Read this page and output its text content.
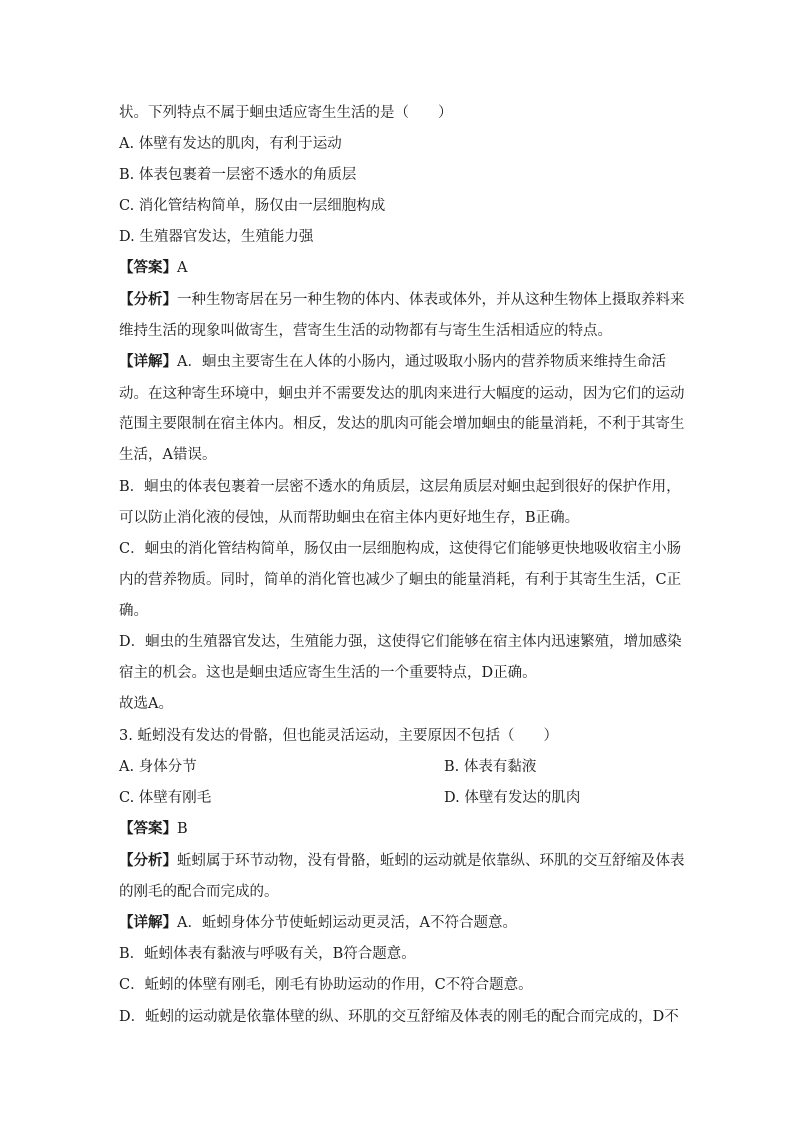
状。下列特点不属于蛔虫适应寄生生活的是（　　）
A. 体壁有发达的肌肉，有利于运动
B. 体表包裹着一层密不透水的角质层
C. 消化管结构简单，肠仅由一层细胞构成
D. 生殖器官发达，生殖能力强
【答案】A
【分析】一种生物寄居在另一种生物的体内、体表或体外，并从这种生物体上摄取养料来
维持生活的现象叫做寄生，营寄生生活的动物都有与寄生生活相适应的特点。
【详解】A．蛔虫主要寄生在人体的小肠内，通过吸取小肠内的营养物质来维持生命活
动。在这种寄生环境中，蛔虫并不需要发达的肌肉来进行大幅度的运动，因为它们的运动
范围主要限制在宿主体内。相反，发达的肌肉可能会增加蛔虫的能量消耗，不利于其寄生
生活，A错误。
B．蛔虫的体表包裹着一层密不透水的角质层，这层角质层对蛔虫起到很好的保护作用，
可以防止消化液的侵蚀，从而帮助蛔虫在宿主体内更好地生存，B正确。
C．蛔虫的消化管结构简单，肠仅由一层细胞构成，这使得它们能够更快地吸收宿主小肠
内的营养物质。同时，简单的消化管也减少了蛔虫的能量消耗，有利于其寄生生活，C正
确。
D．蛔虫的生殖器官发达，生殖能力强，这使得它们能够在宿主体内迅速繁殖，增加感染
宿主的机会。这也是蛔虫适应寄生生活的一个重要特点，D正确。
故选A。
3. 蚯蚓没有发达的骨骼，但也能灵活运动，主要原因不包括（　　）
A. 身体分节	B. 体表有黏液
C. 体壁有刚毛	D. 体壁有发达的肌肉
【答案】B
【分析】蚯蚓属于环节动物，没有骨骼，蚯蚓的运动就是依靠纵、环肌的交互舒缩及体表
的刚毛的配合而完成的。
【详解】A．蚯蚓身体分节使蚯蚓运动更灵活，A不符合题意。
B．蚯蚓体表有黏液与呼吸有关，B符合题意。
C．蚯蚓的体壁有刚毛，刚毛有协助运动的作用，C不符合题意。
D．蚯蚓的运动就是依靠体壁的纵、环肌的交互舒缩及体表的刚毛的配合而完成的，D不
